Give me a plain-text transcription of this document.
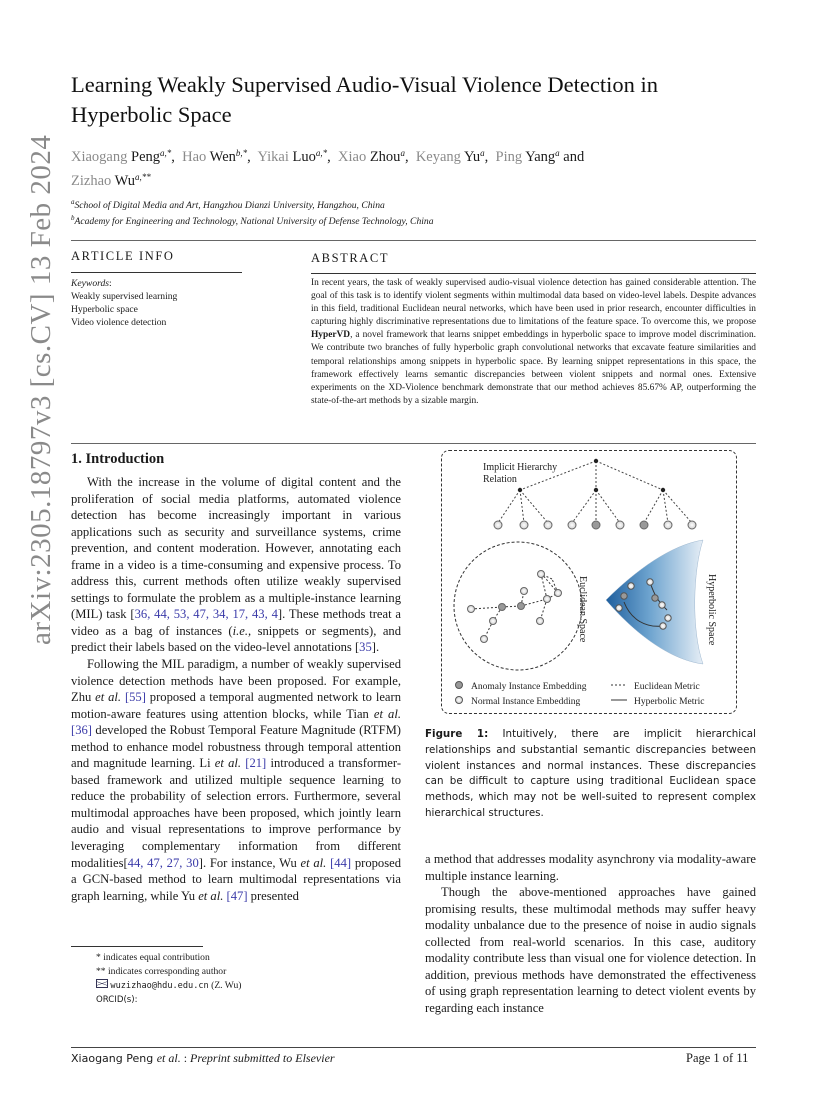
arXiv:2305.18797v3 [cs.CV] 13 Feb 2024
Learning Weakly Supervised Audio-Visual Violence Detection in Hyperbolic Space
Xiaogang Peng$^{a,*}$, Hao Wen$^{b,*}$, Yikai Luo$^{a,*}$, Xiao Zhou$^a$, Keyang Yu$^a$, Ping Yang$^a$ and
Zizhao $Wu^{a,**}$
$^a$School of Digital Media and Art, Hangzhou Dianzi University, Hangzhou, China
$^b$Academy for Engineering and Technology, National University of Defense Technology, China
ARTICLE INFO
Keywords:
Weakly supervised learning
Hyperbolic space
Video violence detection
ABSTRACT
In recent years, the task of weakly supervised audio-visual violence detection has gained considerable attention. The goal of this task is to identify violent segments within multimodal data based on video-level labels. Despite advances in this field, traditional Euclidean neural networks, which have been used in prior research, encounter difficulties in capturing highly discriminative representations due to limitations of the feature space. To overcome this, we propose HyperVD, a novel framework that learns snippet embeddings in hyperbolic space to improve model discrimination. We contribute two branches of fully hyperbolic graph convolutional networks that excavate feature similarities and temporal relationships among snippets in hyperbolic space. By learning snippet representations in this space, the framework effectively learns semantic discrepancies between violent snippets and normal ones. Extensive experiments on the XD-Violence benchmark demonstrate that our method achieves 85.67% AP, outperforming the state-of-the-art methods by a sizable margin.
1. Introduction

With the increase in the volume of digital content and the proliferation of social media platforms, automated violence detection has become increasingly important in various applications such as security and surveillance systems, crime prevention, and content moderation. However, annotating each frame in a video is a time-consuming and expensive process. To address this, current methods often utilize weakly supervised settings to formulate the problem as a multiple-instance learning (MIL) task [36, 44, 53, 47, 34, 17, 43, 4]. These methods treat a video as a bag of instances (i.e., snippets or segments), and predict their labels based on the video-level annotations [35].

Following the MIL paradigm, a number of weakly supervised violence detection methods have been proposed. For example, Zhu et al. [55] proposed a temporal augmented network to learn motion-aware features using attention blocks, while Tian et al. [36] developed the Robust Temporal Feature Magnitude (RTFM) method to enhance model robustness through temporal attention and magnitude learning. Li et al. [21] introduced a transformer-based framework and utilized multiple sequence learning to reduce the probability of selection errors. Furthermore, several multimodal approaches have been proposed, which jointly learn audio and visual representations to improve performance by leveraging complementary information from different modalities[44, 47, 27, 30]. For instance, Wu et al. [44] proposed a GCN-based method to learn multimodal representations via graph learning, while Yu et al. [47] presented

* indicates equal contribution
** indicates corresponding author
wuzizhao@hdu.edu.cn (Z. Wu)
ORCID(s):
Implicit Hierarchy
Relation
Euclidean Space	Hyperbolic Space
Anomaly Instance Embedding
Normal Instance Embedding
Euclidean Metric
Hyperbolic Metric
Figure 1: Intuitively, there are implicit hierarchical relationships and substantial semantic discrepancies between violent instances and normal instances. These discrepancies can be difficult to capture using traditional Euclidean space methods, which may not be well-suited to represent complex hierarchical structures.

a method that addresses modality asynchrony via modality-aware multiple instance learning.

Though the above-mentioned approaches have gained promising results, these multimodal methods may suffer heavy modality unbalance due to the presence of noise in audio signals collected from real-world scenarios. In this case, auditory modality contribute less than visual one for violence detection. In addition, previous methods have demonstrated the effectiveness of using graph representation learning to detect violent events by regarding each instance

Xiaogang Peng et al. : Preprint submitted to Elsevier	Page 1 of 11
